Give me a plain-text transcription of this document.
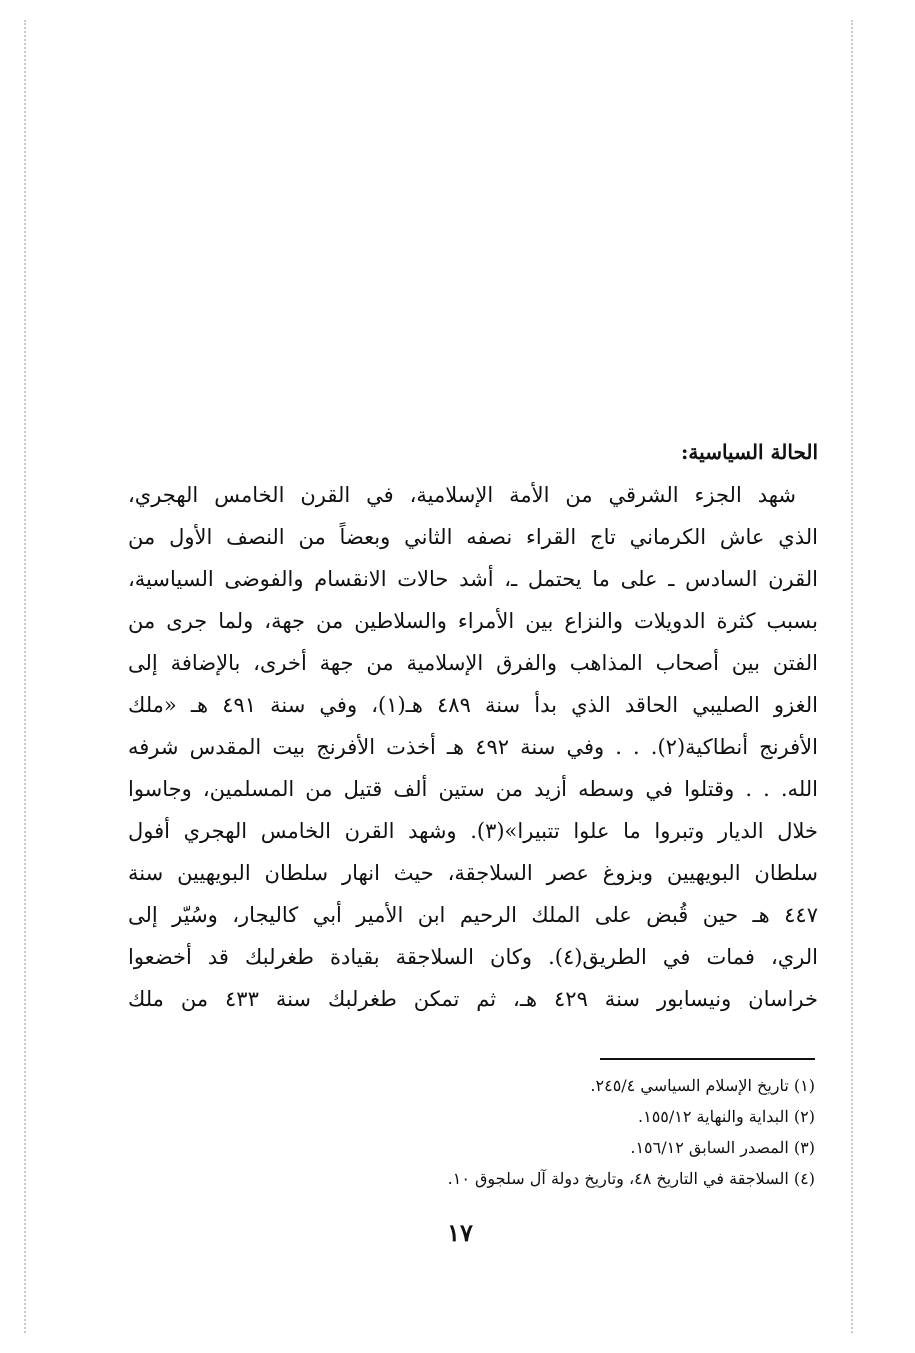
الحالة السياسية:
شهد الجزء الشرقي من الأمة الإسلامية، في القرن الخامس الهجري،
الذي عاش الكرماني تاج القراء نصفه الثاني وبعضاً من النصف الأول من
القرن السادس ـ على ما يحتمل ـ، أشد حالات الانقسام والفوضى السياسية،
بسبب كثرة الدويلات والنزاع بين الأمراء والسلاطين من جهة، ولما جرى من
الفتن بين أصحاب المذاهب والفرق الإسلامية من جهة أخرى، بالإضافة إلى
الغزو الصليبي الحاقد الذي بدأ سنة ٤٨٩ هـ(١)، وفي سنة ٤٩١ هـ «ملك
الأفرنج أنطاكية(٢). . . وفي سنة ٤٩٢ هـ أخذت الأفرنج بيت المقدس شرفه
الله. . . وقتلوا في وسطه أزيد من ستين ألف قتيل من المسلمين، وجاسوا
خلال الديار وتبروا ما علوا تتبيرا»(٣). وشهد القرن الخامس الهجري أفول
سلطان البويهيين وبزوغ عصر السلاجقة، حيث انهار سلطان البويهيين سنة
٤٤٧ هـ حين قُبض على الملك الرحيم ابن الأمير أبي كاليجار، وسُيّر إلى
الري، فمات في الطريق(٤). وكان السلاجقة بقيادة طغرلبك قد أخضعوا
خراسان ونيسابور سنة ٤٢٩ هـ، ثم تمكن طغرلبك سنة ٤٣٣ من ملك
(١) تاريخ الإسلام السياسي ٢٤٥/٤.
(٢) البداية والنهاية ١٥٥/١٢.
(٣) المصدر السابق ١٥٦/١٢.
(٤) السلاجقة في التاريخ ٤٨، وتاريخ دولة آل سلجوق ١٠.
١٧
